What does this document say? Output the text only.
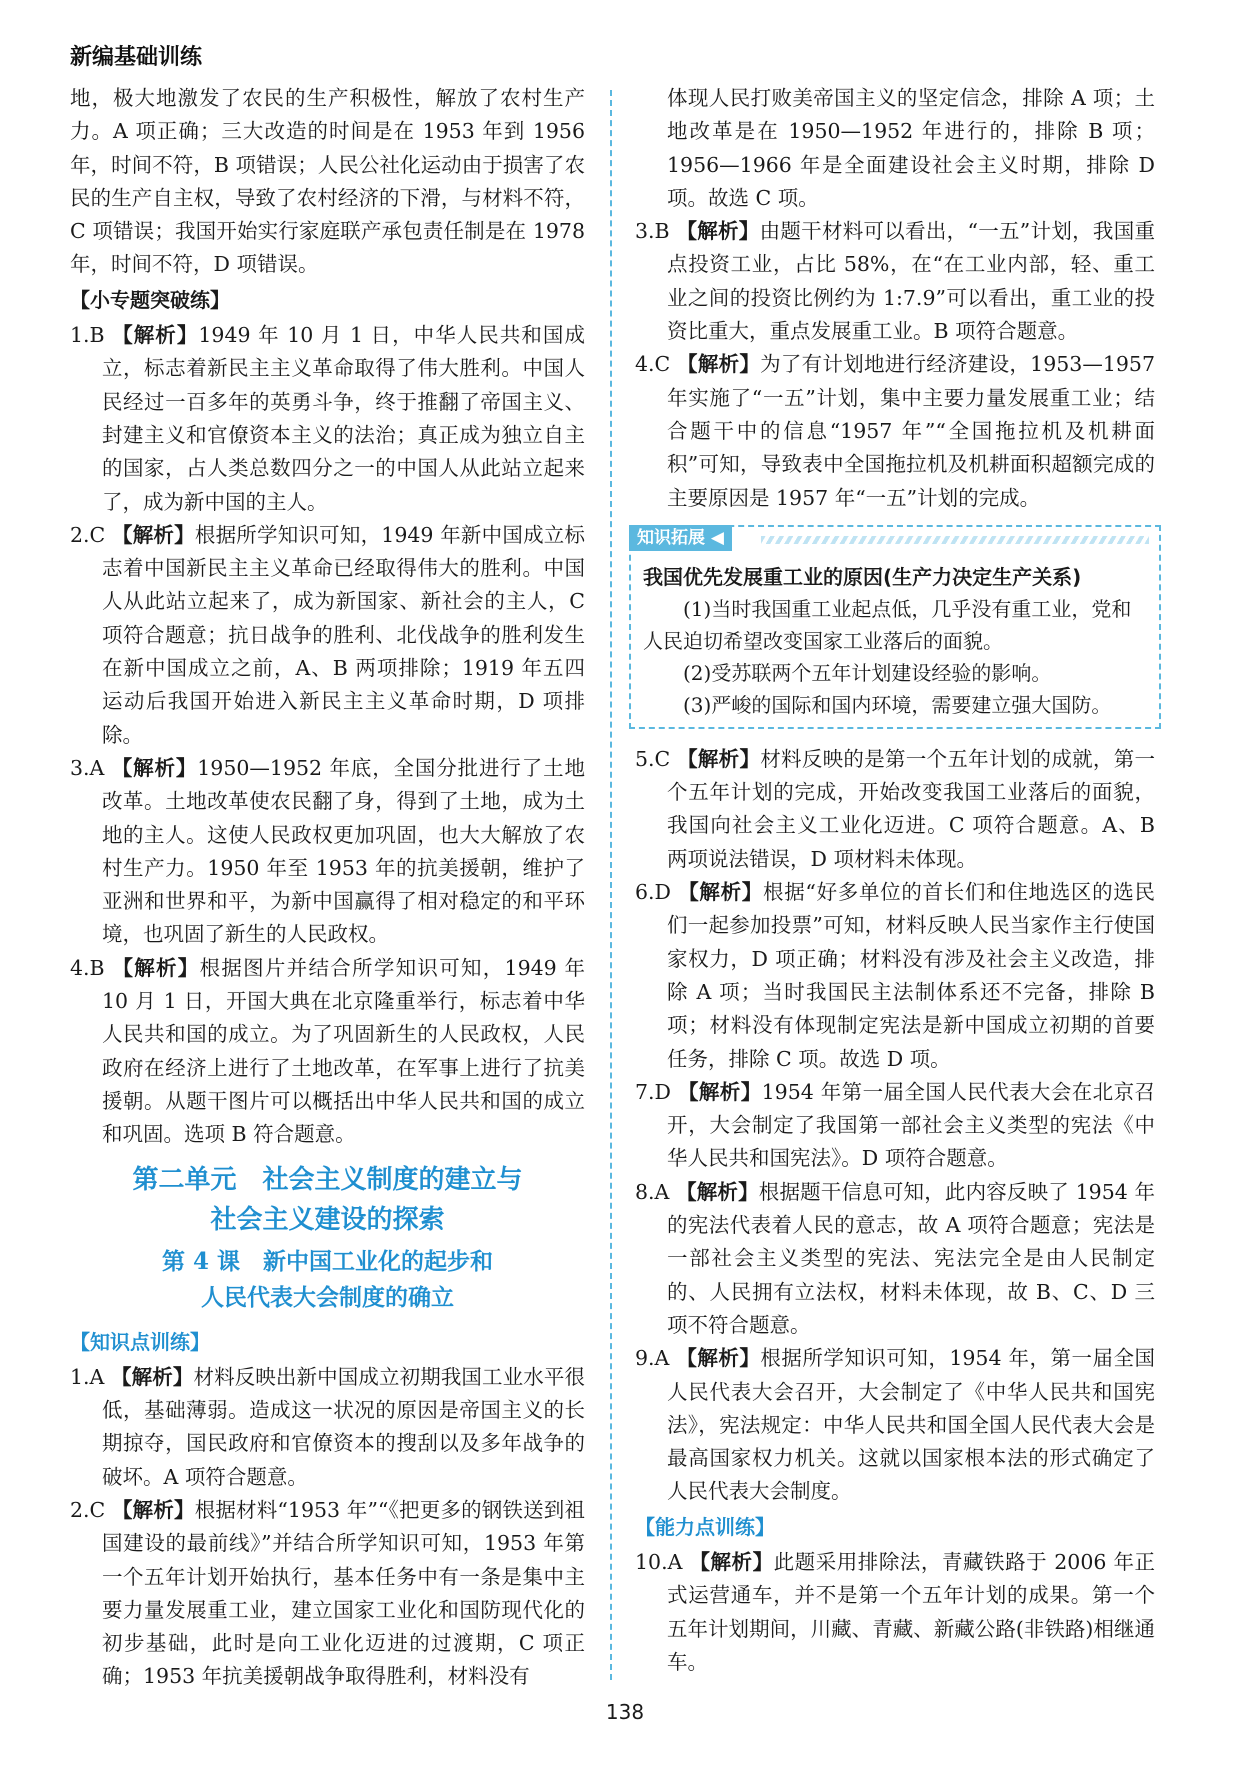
新编基础训练

地，极大地激发了农民的生产积极性，解放了农村生产力。A 项正确；三大改造的时间是在 1953 年到 1956 年，时间不符，B 项错误；人民公社化运动由于损害了农民的生产自主权，导致了农村经济的下滑，与材料不符，C 项错误；我国开始实行家庭联产承包责任制是在 1978 年，时间不符，D 项错误。

【小专题突破练】

1.B 【解析】1949 年 10 月 1 日，中华人民共和国成立，标志着新民主主义革命取得了伟大胜利。中国人民经过一百多年的英勇斗争，终于推翻了帝国主义、封建主义和官僚资本主义的法治；真正成为独立自主的国家，占人类总数四分之一的中国人从此站立起来了，成为新中国的主人。

2.C 【解析】根据所学知识可知，1949 年新中国成立标志着中国新民主主义革命已经取得伟大的胜利。中国人从此站立起来了，成为新国家、新社会的主人，C 项符合题意；抗日战争的胜利、北伐战争的胜利发生在新中国成立之前，A、B 两项排除；1919 年五四运动后我国开始进入新民主主义革命时期，D 项排除。

3.A 【解析】1950—1952 年底，全国分批进行了土地改革。土地改革使农民翻了身，得到了土地，成为土地的主人。这使人民政权更加巩固，也大大解放了农村生产力。1950 年至 1953 年的抗美援朝，维护了亚洲和世界和平，为新中国赢得了相对稳定的和平环境，也巩固了新生的人民政权。

4.B 【解析】根据图片并结合所学知识可知，1949 年 10 月 1 日，开国大典在北京隆重举行，标志着中华人民共和国的成立。为了巩固新生的人民政权，人民政府在经济上进行了土地改革，在军事上进行了抗美援朝。从题干图片可以概括出中华人民共和国的成立和巩固。选项 B 符合题意。

第二单元　社会主义制度的建立与
社会主义建设的探索
第 4 课　新中国工业化的起步和
人民代表大会制度的确立
【知识点训练】

1.A 【解析】材料反映出新中国成立初期我国工业水平很低，基础薄弱。造成这一状况的原因是帝国主义的长期掠夺，国民政府和官僚资本的搜刮以及多年战争的破坏。A 项符合题意。

2.C 【解析】根据材料“1953 年”“《把更多的钢铁送到祖国建设的最前线》”并结合所学知识可知，1953 年第一个五年计划开始执行，基本任务中有一条是集中主要力量发展重工业，建立国家工业化和国防现代化的初步基础，此时是向工业化迈进的过渡期，C 项正确；1953 年抗美援朝战争取得胜利，材料没有

体现人民打败美帝国主义的坚定信念，排除 A 项；土地改革是在 1950—1952 年进行的，排除 B 项；1956—1966 年是全面建设社会主义时期，排除 D 项。故选 C 项。

3.B 【解析】由题干材料可以看出，“一五”计划，我国重点投资工业，占比 58%，在“在工业内部，轻、重工业之间的投资比例约为 1:7.9”可以看出，重工业的投资比重大，重点发展重工业。B 项符合题意。

4.C 【解析】为了有计划地进行经济建设，1953—1957 年实施了“一五”计划，集中主要力量发展重工业；结合题干中的信息“1957 年”“全国拖拉机及机耕面积”可知，导致表中全国拖拉机及机耕面积超额完成的主要原因是 1957 年“一五”计划的完成。

知识拓展 ◀
我国优先发展重工业的原因(生产力决定生产关系)

(1)当时我国重工业起点低，几乎没有重工业，党和人民迫切希望改变国家工业落后的面貌。

(2)受苏联两个五年计划建设经验的影响。

(3)严峻的国际和国内环境，需要建立强大国防。

5.C 【解析】材料反映的是第一个五年计划的成就，第一个五年计划的完成，开始改变我国工业落后的面貌，我国向社会主义工业化迈进。C 项符合题意。A、B 两项说法错误，D 项材料未体现。

6.D 【解析】根据“好多单位的首长们和住地选区的选民们一起参加投票”可知，材料反映人民当家作主行使国家权力，D 项正确；材料没有涉及社会主义改造，排除 A 项；当时我国民主法制体系还不完备，排除 B 项；材料没有体现制定宪法是新中国成立初期的首要任务，排除 C 项。故选 D 项。

7.D 【解析】1954 年第一届全国人民代表大会在北京召开，大会制定了我国第一部社会主义类型的宪法《中华人民共和国宪法》。D 项符合题意。

8.A 【解析】根据题干信息可知，此内容反映了 1954 年的宪法代表着人民的意志，故 A 项符合题意；宪法是一部社会主义类型的宪法、宪法完全是由人民制定的、人民拥有立法权，材料未体现，故 B、C、D 三项不符合题意。

9.A 【解析】根据所学知识可知，1954 年，第一届全国人民代表大会召开，大会制定了《中华人民共和国宪法》，宪法规定：中华人民共和国全国人民代表大会是最高国家权力机关。这就以国家根本法的形式确定了人民代表大会制度。

【能力点训练】

10.A 【解析】此题采用排除法，青藏铁路于 2006 年正式运营通车，并不是第一个五年计划的成果。第一个五年计划期间，川藏、青藏、新藏公路(非铁路)相继通车。

138
